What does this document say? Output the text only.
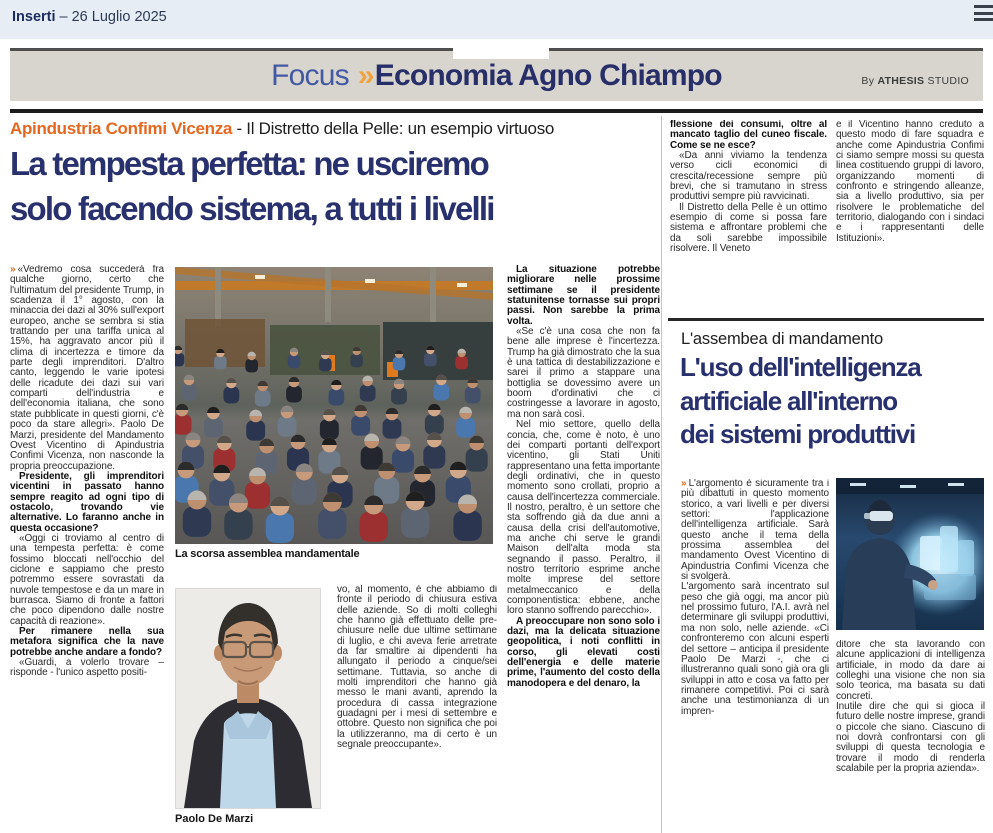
Inserti – 26 Luglio 2025
Focus »Economia Agno Chiampo	By ATHESIS STUDIO
Apindustria Confimi Vicenza - Il Distretto della Pelle: un esempio virtuoso
La tempesta perfetta: ne usciremo
solo facendo sistema, a tutti i livelli

» «Vedremo cosa succederà fra qualche giorno, certo che l'ultimatum del presidente Trump, in scadenza il 1° agosto, con la minaccia dei dazi al 30% sull'export europeo, anche se sembra si stia trattando per una tariffa unica al 15%, ha aggravato ancor più il clima di incertezza e timore da parte degli imprenditori. D'altro canto, leggendo le varie ipotesi delle ricadute dei dazi sui vari comparti dell'industria e dell'economia italiana, che sono state pubblicate in questi giorni, c'è poco da stare allegri». Paolo De Marzi, presidente del Mandamento Ovest Vicentino di Apindustria Confimi Vicenza, non nasconde la propria preoccupazione.

Presidente, gli imprenditori vicentini in passato hanno sempre reagito ad ogni tipo di ostacolo, trovando vie alternative. Lo faranno anche in questa occasione?

«Oggi ci troviamo al centro di una tempesta perfetta: è come fossimo bloccati nell'occhio del ciclone e sappiamo che presto potremmo essere sovrastati da nuvole tempestose e da un mare in burrasca. Siamo di fronte a fattori che poco dipendono dalle nostre capacità di reazione».

Per rimanere nella sua metafora significa che la nave potrebbe anche andare a fondo?

«Guardi, a volerlo trovare – risponde - l'unico aspetto positi-

La scorsa assemblea mandamentale

vo, al momento, è che abbiamo di fronte il periodo di chiusura estiva delle aziende. So di molti colleghi che hanno già effettuato delle pre-chiusure nelle due ultime settimane di luglio, e chi aveva ferie arretrate da far smaltire ai dipendenti ha allungato il periodo a cinque/sei settimane. Tuttavia, so anche di molti imprenditori che hanno già messo le mani avanti, aprendo la procedura di cassa integrazione guadagni per i mesi di settembre e ottobre. Questo non significa che poi la utilizzeranno, ma di certo è un segnale preoccupante».

Paolo De Marzi

La situazione potrebbe migliorare nelle prossime settimane se il presidente statunitense tornasse sui propri passi. Non sarebbe la prima volta.

«Se c'è una cosa che non fa bene alle imprese è l'incertezza. Trump ha già dimostrato che la sua è una tattica di destabilizzazione e sarei il primo a stappare una bottiglia se dovessimo avere un boom d'ordinativi che ci costringesse a lavorare in agosto, ma non sarà così.

Nel mio settore, quello della concia, che, come è noto, è uno dei comparti portanti dell'export vicentino, gli Stati Uniti rappresentano una fetta importante degli ordinativi, che in questo momento sono crollati, proprio a causa dell'incertezza commerciale. Il nostro, peraltro, è un settore che sta soffrendo già da due anni a causa della crisi dell'automotive, ma anche chi serve le grandi Maison dell'alta moda sta segnando il passo. Peraltro, il nostro territorio esprime anche molte imprese del settore metalmeccanico e della componentistica: ebbene, anche loro stanno soffrendo parecchio».

A preoccupare non sono solo i dazi, ma la delicata situazione geopolitica, i noti conflitti in corso, gli elevati costi dell'energia e delle materie prime, l'aumento del costo della manodopera e del denaro, la

flessione dei consumi, oltre al mancato taglio del cuneo fiscale. Come se ne esce?

«Da anni viviamo la tendenza verso cicli economici di crescita/recessione sempre più brevi, che si tramutano in stress produttivi sempre più ravvicinati.

Il Distretto della Pelle è un ottimo esempio di come si possa fare sistema e affrontare problemi che da soli sarebbe impossibile risolvere. Il Veneto

e il Vicentino hanno creduto a questo modo di fare squadra e anche come Apindustria Confimi ci siamo sempre mossi su questa linea costituendo gruppi di lavoro, organizzando momenti di confronto e stringendo alleanze, sia a livello produttivo, sia per risolvere le problematiche del territorio, dialogando con i sindaci e i rappresentanti delle Istituzioni».

L'assembea di mandamento
L'uso dell'intelligenza
artificiale all'interno
dei sistemi produttivi

» L'argomento è sicuramente tra i più dibattuti in questo momento storico, a vari livelli e per diversi settori: l'applicazione dell'intelligenza artificiale. Sarà questo anche il tema della prossima assemblea del mandamento Ovest Vicentino di Apindustria Confimi Vicenza che si svolgerà.

L'argomento sarà incentrato sul peso che già oggi, ma ancor più nel prossimo futuro, l'A.I. avrà nel determinare gli sviluppi produttivi, ma non solo, nelle aziende. «Ci confronteremo con alcuni esperti del settore – anticipa il presidente Paolo De Marzi -, che ci illustreranno quali sono già ora gli sviluppi in atto e cosa va fatto per rimanere competitivi. Poi ci sarà anche una testimonianza di un impren-

ditore che sta lavorando con alcune applicazioni di intelligenza artificiale, in modo da dare ai colleghi una visione che non sia solo teorica, ma basata su dati concreti.

Inutile dire che qui si gioca il futuro delle nostre imprese, grandi o piccole che siano. Ciascuno di noi dovrà confrontarsi con gli sviluppi di questa tecnologia e trovare il modo di renderla scalabile per la propria azienda».
